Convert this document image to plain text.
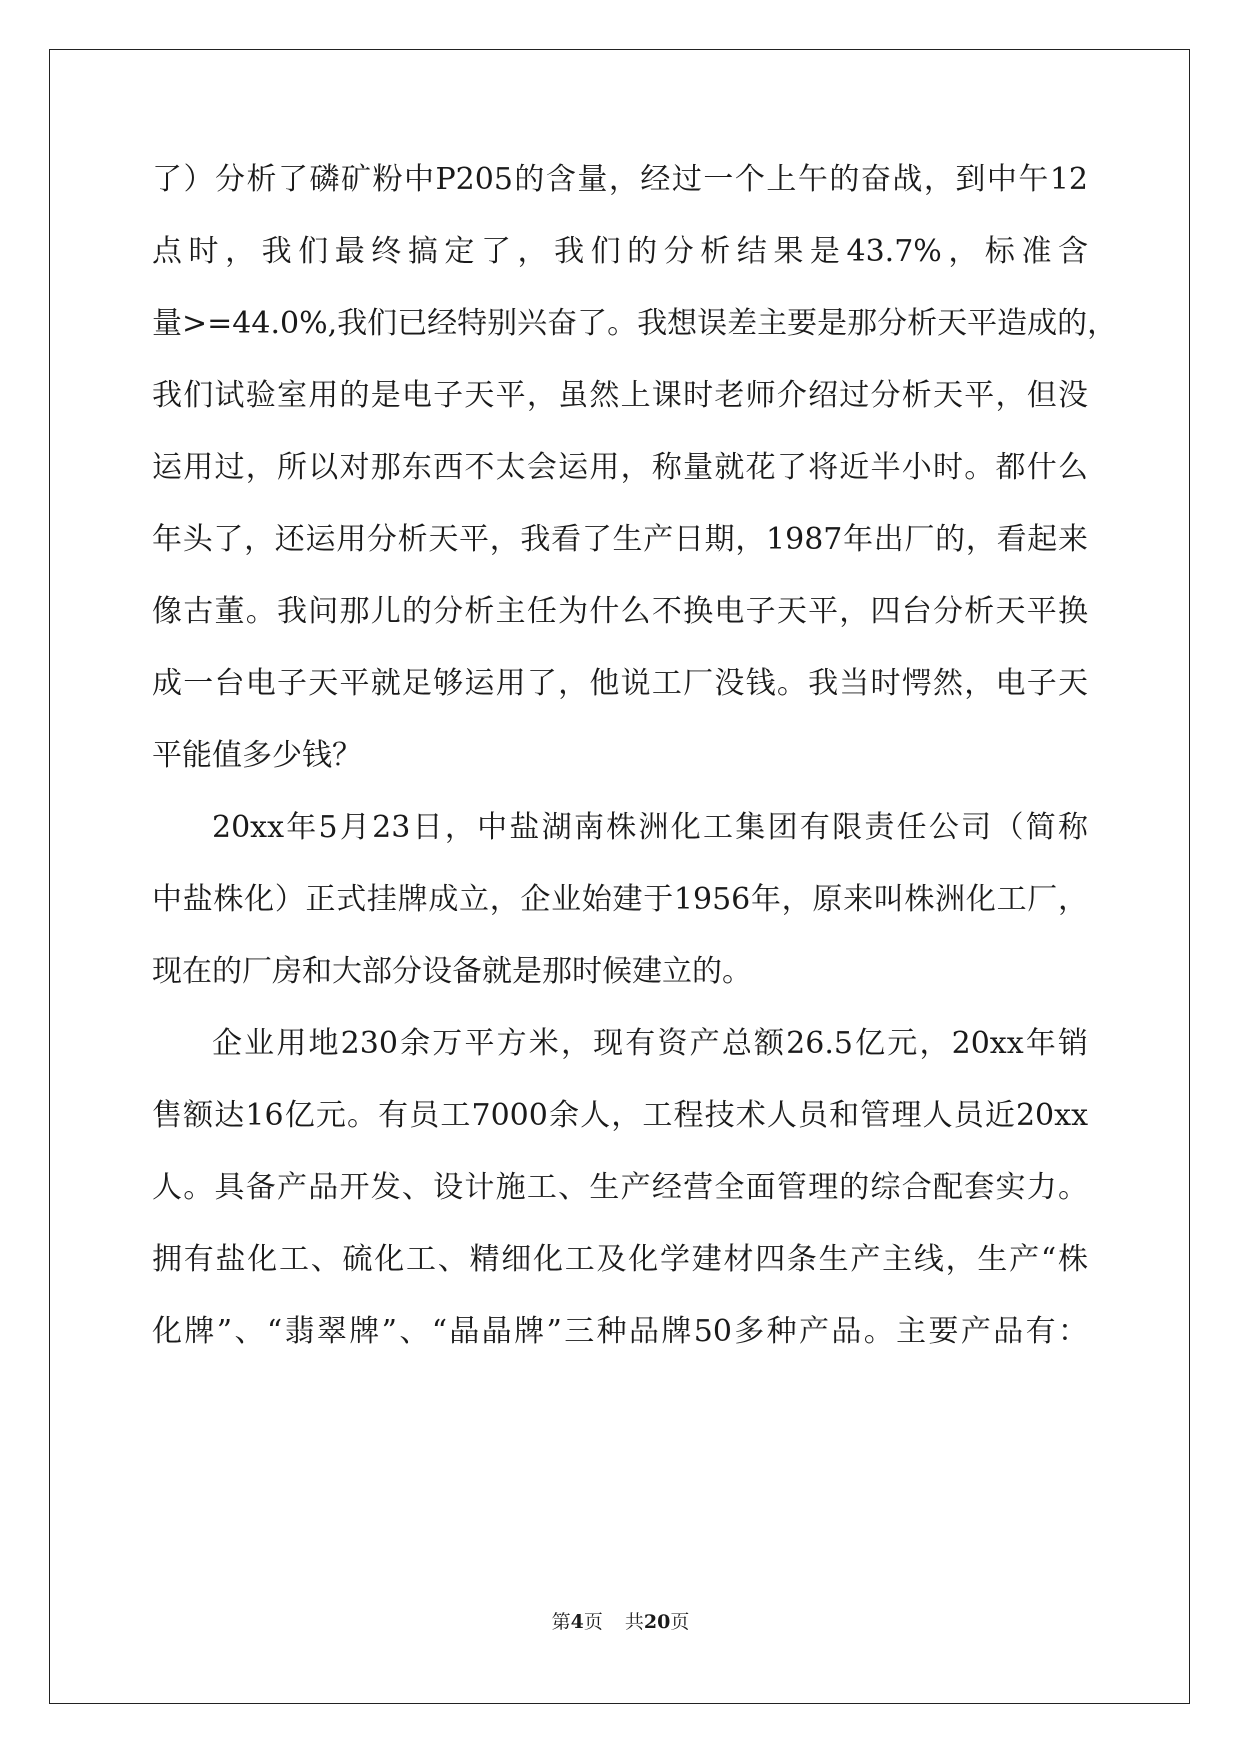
了）分析了磷矿粉中P205的含量，经过一个上午的奋战，到中午12
点时，我们最终搞定了，我们的分析结果是43.7%，标准含
量>=44.0%,我们已经特别兴奋了。我想误差主要是那分析天平造成的，
我们试验室用的是电子天平，虽然上课时老师介绍过分析天平，但没
运用过，所以对那东西不太会运用，称量就花了将近半小时。都什么
年头了，还运用分析天平，我看了生产日期，1987年出厂的，看起来
像古董。我问那儿的分析主任为什么不换电子天平，四台分析天平换
成一台电子天平就足够运用了，他说工厂没钱。我当时愕然，电子天
平能值多少钱？
20xx年5月23日，中盐湖南株洲化工集团有限责任公司（简称
中盐株化）正式挂牌成立，企业始建于1956年，原来叫株洲化工厂，
现在的厂房和大部分设备就是那时候建立的。
企业用地230余万平方米，现有资产总额26.5亿元，20xx年销
售额达16亿元。有员工7000余人，工程技术人员和管理人员近20xx
人。具备产品开发、设计施工、生产经营全面管理的综合配套实力。
拥有盐化工、硫化工、精细化工及化学建材四条生产主线，生产“株
化牌”、“翡翠牌”、“晶晶牌”三种品牌50多种产品。主要产品有：
第4页 共20页
